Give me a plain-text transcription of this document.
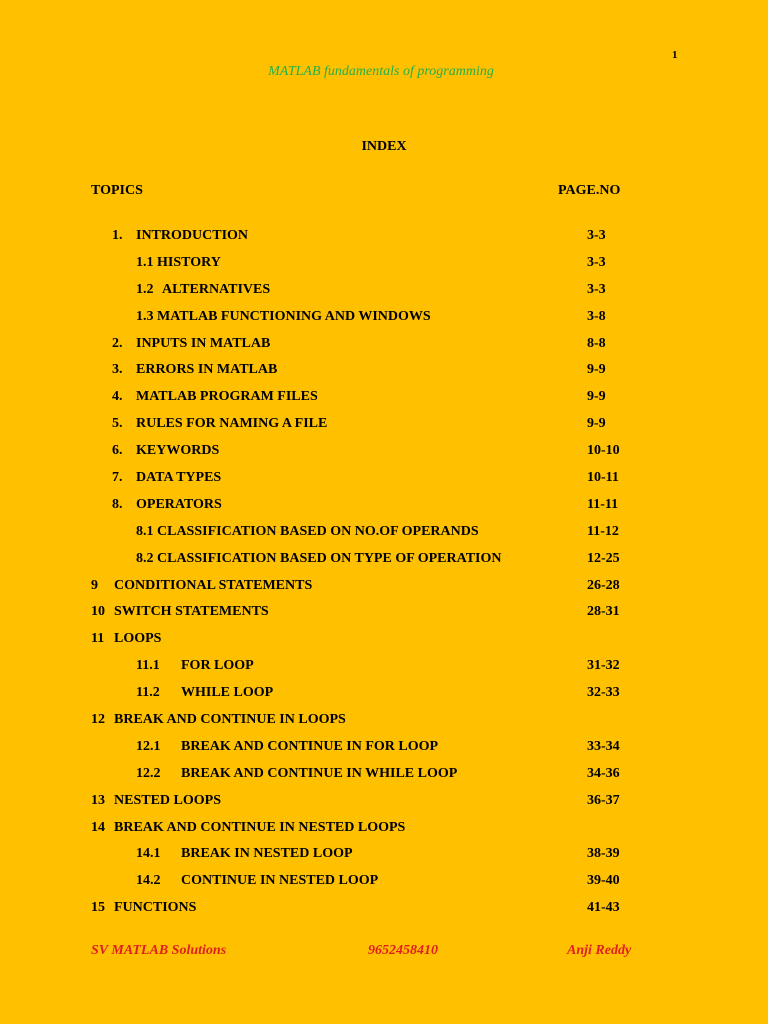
1
MATLAB fundamentals of programming
INDEX
TOPICS	PAGE.NO
1. INTRODUCTION	3-3
1.1 HISTORY	3-3
1.2 ALTERNATIVES	3-3
1.3 MATLAB FUNCTIONING AND WINDOWS	3-8
2. INPUTS IN MATLAB	8-8
3. ERRORS IN MATLAB	9-9
4. MATLAB PROGRAM FILES	9-9
5. RULES FOR NAMING A FILE	9-9
6. KEYWORDS	10-10
7. DATA TYPES	10-11
8. OPERATORS	11-11
8.1 CLASSIFICATION BASED ON NO.OF OPERANDS	11-12
8.2 CLASSIFICATION BASED ON TYPE OF OPERATION	12-25
9 CONDITIONAL STATEMENTS	26-28
10 SWITCH STATEMENTS	28-31
11 LOOPS
11.1 FOR LOOP	31-32
11.2 WHILE LOOP	32-33
12 BREAK AND CONTINUE IN LOOPS
12.1 BREAK AND CONTINUE IN FOR LOOP	33-34
12.2 BREAK AND CONTINUE IN WHILE LOOP	34-36
13 NESTED LOOPS	36-37
14 BREAK AND CONTINUE IN NESTED LOOPS
14.1 BREAK IN NESTED LOOP	38-39
14.2 CONTINUE IN NESTED LOOP	39-40
15 FUNCTIONS	41-43
SV MATLAB Solutions	9652458410	Anji Reddy
